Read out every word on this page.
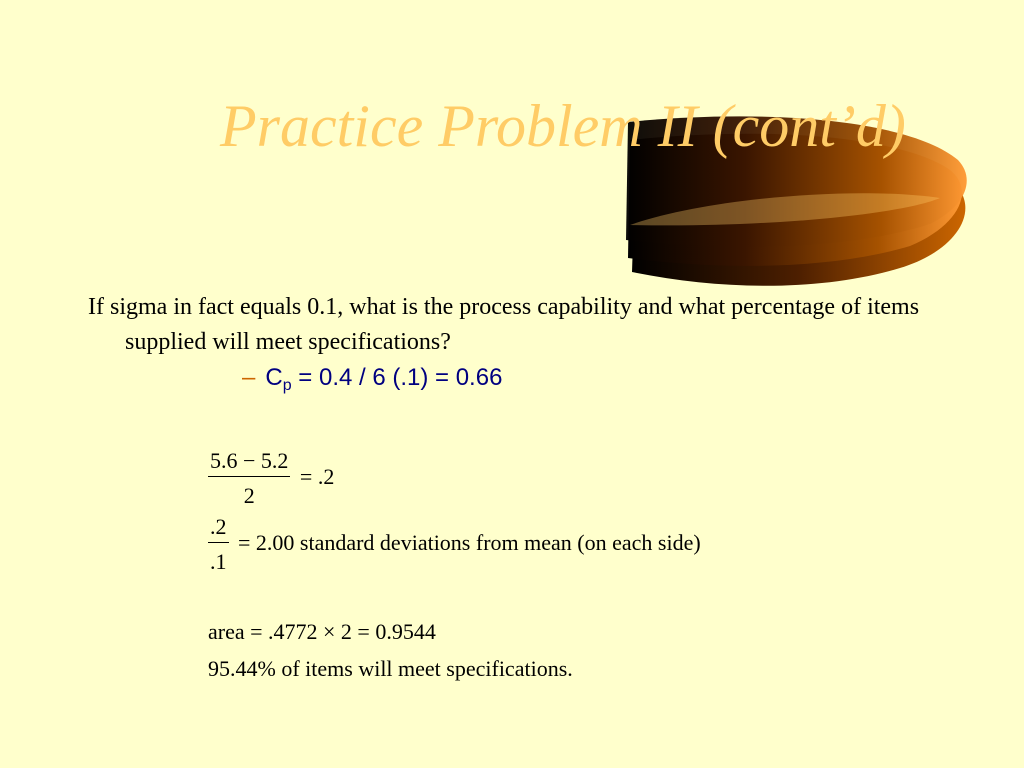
Practice Problem II (cont’d)
If sigma in fact equals 0.1, what is the process capability and what percentage of items supplied will meet specifications?
– $C_p = 0.4 / 6$ (.1) = 0.66
$\frac{5.6 - 5.2}{2} = .2$
$\frac{.2}{.1} = 2.00$ standard deviations from mean (on each side)
area = .4772 × 2 = 0.9544
95.44% of items will meet specifications.
